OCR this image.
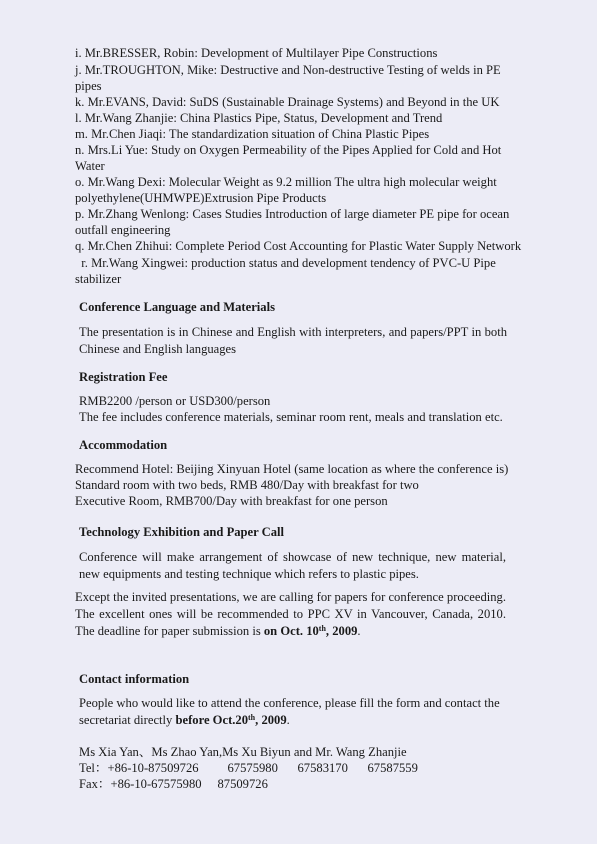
i. Mr.BRESSER, Robin: Development of Multilayer Pipe Constructions
j. Mr.TROUGHTON, Mike: Destructive and Non-destructive Testing of welds in PE
pipes
k. Mr.EVANS, David: SuDS (Sustainable Drainage Systems) and Beyond in the UK
l. Mr.Wang Zhanjie: China Plastics Pipe, Status, Development and Trend
m. Mr.Chen Jiaqi: The standardization situation of China Plastic Pipes
n. Mrs.Li Yue: Study on Oxygen Permeability of the Pipes Applied for Cold and Hot
Water
o. Mr.Wang Dexi: Molecular Weight as 9.2 million The ultra high molecular weight
polyethylene(UHMWPE)Extrusion Pipe Products
p. Mr.Zhang Wenlong: Cases Studies Introduction of large diameter PE pipe for ocean
outfall engineering
q. Mr.Chen Zhihui: Complete Period Cost Accounting for Plastic Water Supply Network
r. Mr.Wang Xingwei: production status and development tendency of PVC-U Pipe
stabilizer
Conference Language and Materials
The presentation is in Chinese and English with interpreters, and papers/PPT in both Chinese and English languages
Registration Fee
RMB2200 /person or USD300/person
The fee includes conference materials, seminar room rent, meals and translation etc.
Accommodation
Recommend Hotel: Beijing Xinyuan Hotel (same location as where the conference is)
Standard room with two beds, RMB 480/Day with breakfast for two
Executive Room, RMB700/Day with breakfast for one person
Technology Exhibition and Paper Call
Conference will make arrangement of showcase of new technique, new material, new equipments and testing technique which refers to plastic pipes.
Except the invited presentations, we are calling for papers for conference proceeding. The excellent ones will be recommended to PPC XV in Vancouver, Canada, 2010. The deadline for paper submission is on Oct. 10th, 2009.
Contact information
People who would like to attend the conference, please fill the form and contact the secretariat directly before Oct.20th, 2009.
Ms Xia Yan、Ms Zhao Yan,Ms Xu Biyun and Mr. Wang Zhanjie
Tel： +86-10-87509726	67575980	67583170	67587559
Fax： +86-10-67575980	87509726
